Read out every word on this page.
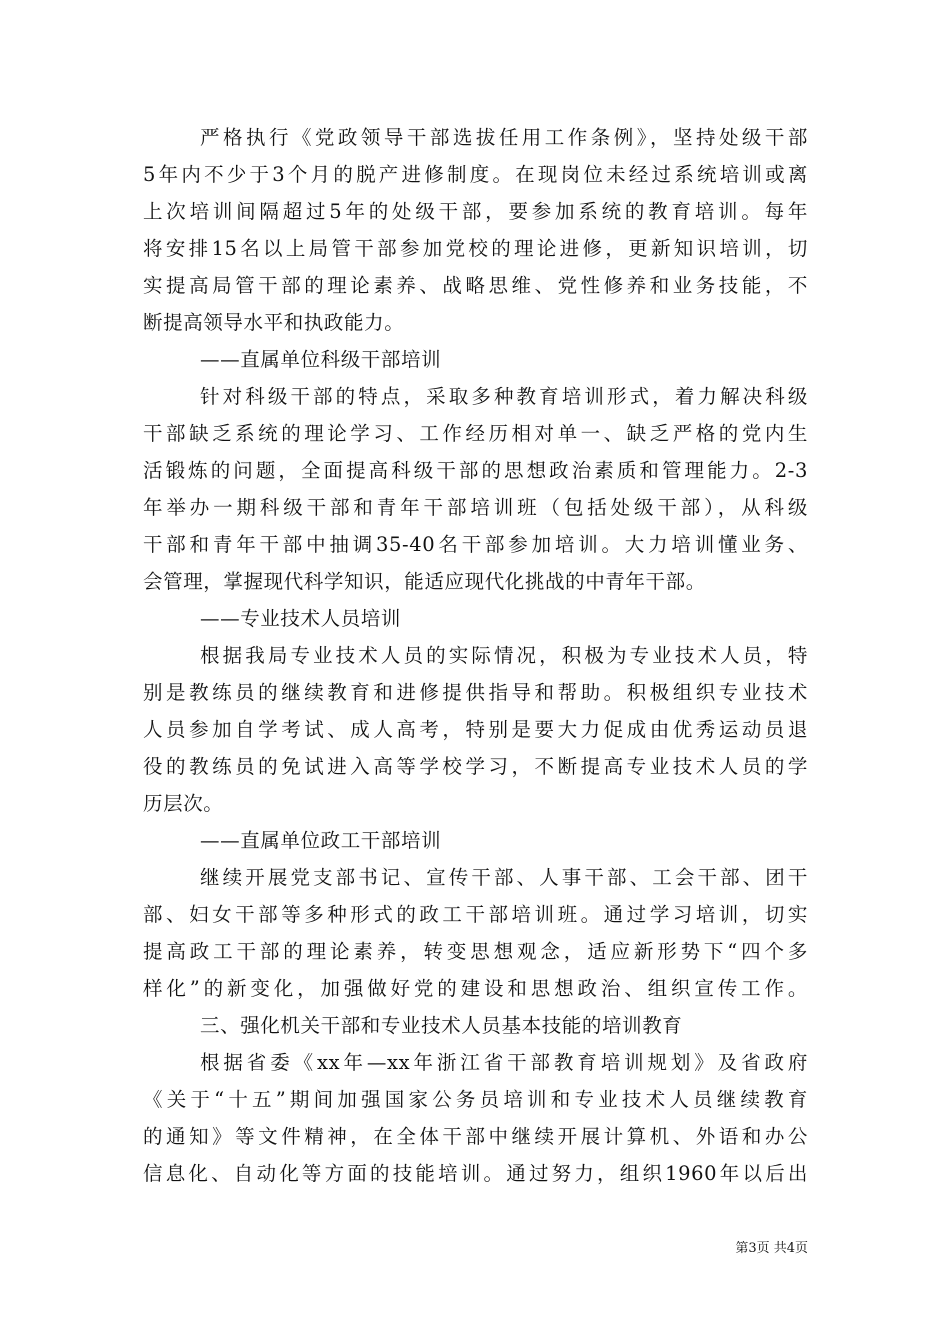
严格执行《党政领导干部选拔任用工作条例》，坚持处级干部
5年内不少于3个月的脱产进修制度。在现岗位未经过系统培训或离
上次培训间隔超过5年的处级干部，要参加系统的教育培训。每年
将安排15名以上局管干部参加党校的理论进修，更新知识培训，切
实提高局管干部的理论素养、战略思维、党性修养和业务技能，不
断提高领导水平和执政能力。
——直属单位科级干部培训
针对科级干部的特点，采取多种教育培训形式，着力解决科级
干部缺乏系统的理论学习、工作经历相对单一、缺乏严格的党内生
活锻炼的问题，全面提高科级干部的思想政治素质和管理能力。2-3
年举办一期科级干部和青年干部培训班（包括处级干部），从科级
干部和青年干部中抽调35-40名干部参加培训。大力培训懂业务、
会管理，掌握现代科学知识，能适应现代化挑战的中青年干部。
——专业技术人员培训
根据我局专业技术人员的实际情况，积极为专业技术人员，特
别是教练员的继续教育和进修提供指导和帮助。积极组织专业技术
人员参加自学考试、成人高考，特别是要大力促成由优秀运动员退
役的教练员的免试进入高等学校学习，不断提高专业技术人员的学
历层次。
——直属单位政工干部培训
继续开展党支部书记、宣传干部、人事干部、工会干部、团干
部、妇女干部等多种形式的政工干部培训班。通过学习培训，切实
提高政工干部的理论素养，转变思想观念，适应新形势下“四个多
样化”的新变化，加强做好党的建设和思想政治、组织宣传工作。
三、强化机关干部和专业技术人员基本技能的培训教育
根据省委《xx年—xx年浙江省干部教育培训规划》及省政府
《关于“十五”期间加强国家公务员培训和专业技术人员继续教育
的通知》等文件精神，在全体干部中继续开展计算机、外语和办公
信息化、自动化等方面的技能培训。通过努力，组织1960年以后出
第3页 共4页
